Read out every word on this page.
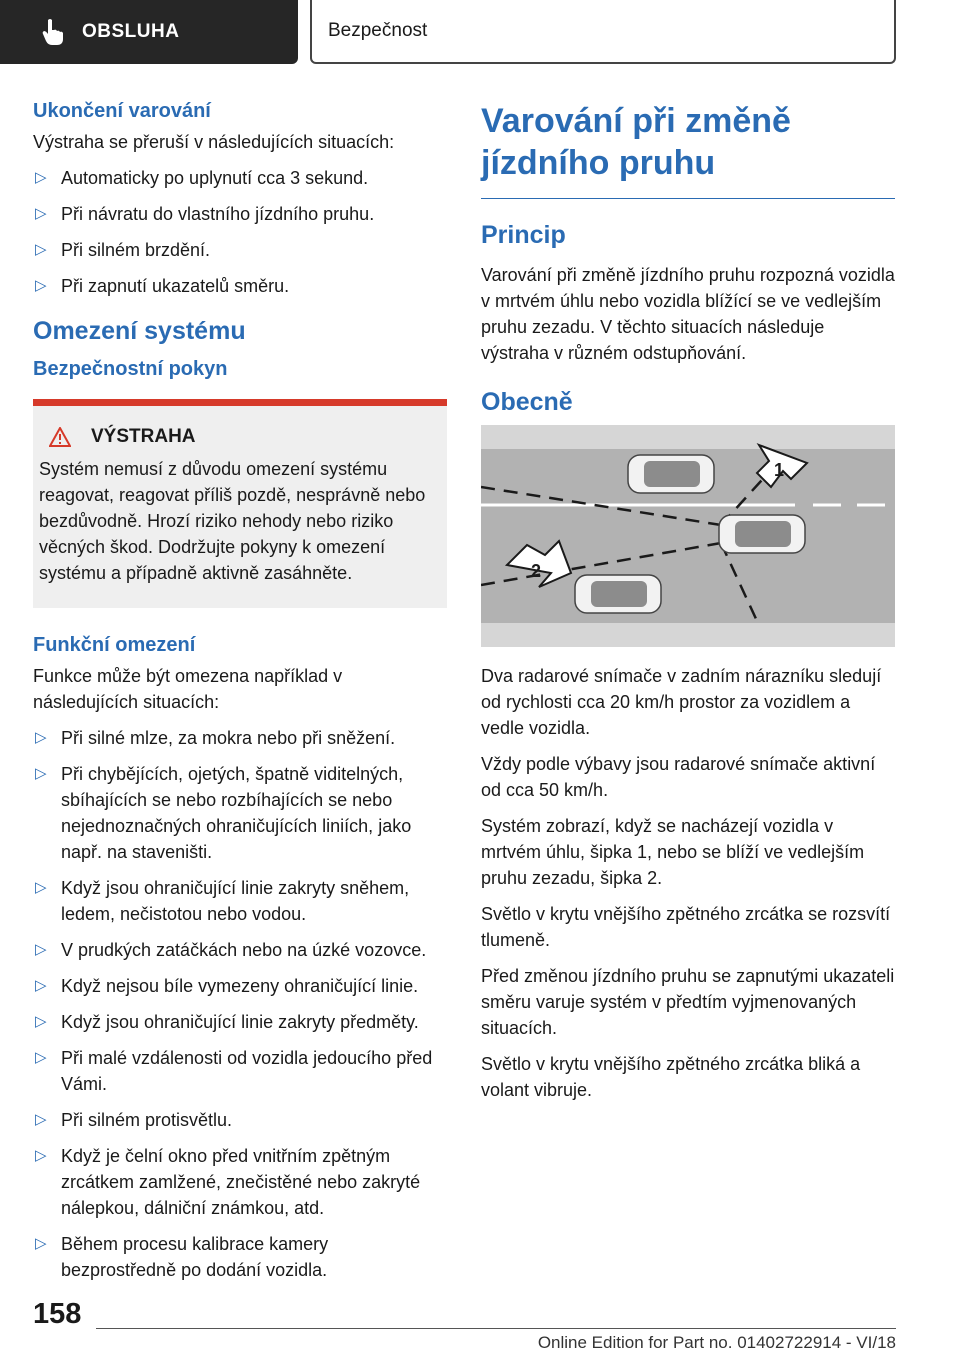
OBSLUHA	Bezpečnost
Ukončení varování
Výstraha se přeruší v následujících situacích:
▷ Automaticky po uplynutí cca 3 sekund.
▷ Při návratu do vlastního jízdního pruhu.
▷ Při silném brzdění.
▷ Při zapnutí ukazatelů směru.
Omezení systému
Bezpečnostní pokyn
VÝSTRAHA
Systém nemusí z důvodu omezení systému reagovat, reagovat příliš pozdě, nesprávně nebo bezdůvodně. Hrozí riziko nehody nebo riziko věcných škod. Dodržujte pokyny k omezení systému a případně aktivně zasáhněte.
Funkční omezení
Funkce může být omezena například v následujících situacích:
▷ Při silné mlze, za mokra nebo při sněžení.
▷ Při chybějících, ojetých, špatně viditelných, sbíhajících se nebo rozbíhajících se nebo nejednoznačných ohraničujících liniích, jako např. na staveništi.
▷ Když jsou ohraničující linie zakryty sněhem, ledem, nečistotou nebo vodou.
▷ V prudkých zatáčkách nebo na úzké vozovce.
▷ Když nejsou bíle vymezeny ohraničující linie.
▷ Když jsou ohraničující linie zakryty předměty.
▷ Při malé vzdálenosti od vozidla jedoucího před Vámi.
▷ Při silném protisvětlu.
▷ Když je čelní okno před vnitřním zpětným zrcátkem zamlžené, znečistěné nebo zakryté nálepkou, dálniční známkou, atd.
▷ Během procesu kalibrace kamery bezprostředně po dodání vozidla.
Varování při změně jízdního pruhu
Princip
Varování při změně jízdního pruhu rozpozná vozidla v mrtvém úhlu nebo vozidla blížící se ve vedlejším pruhu zezadu. V těchto situacích následuje výstraha v různém odstupňování.
Obecně
1
2
Dva radarové snímače v zadním nárazníku sledují od rychlosti cca 20 km/h prostor za vozidlem a vedle vozidla.
Vždy podle výbavy jsou radarové snímače aktivní od cca 50 km/h.
Systém zobrazí, když se nacházejí vozidla v mrtvém úhlu, šipka 1, nebo se blíží ve vedlejším pruhu zezadu, šipka 2.
Světlo v krytu vnějšího zpětného zrcátka se rozsvítí tlumeně.
Před změnou jízdního pruhu se zapnutými ukazateli směru varuje systém v předtím vyjmenovaných situacích.
Světlo v krytu vnějšího zpětného zrcátka bliká a volant vibruje.
158
Online Edition for Part no. 01402722914 - VI/18
